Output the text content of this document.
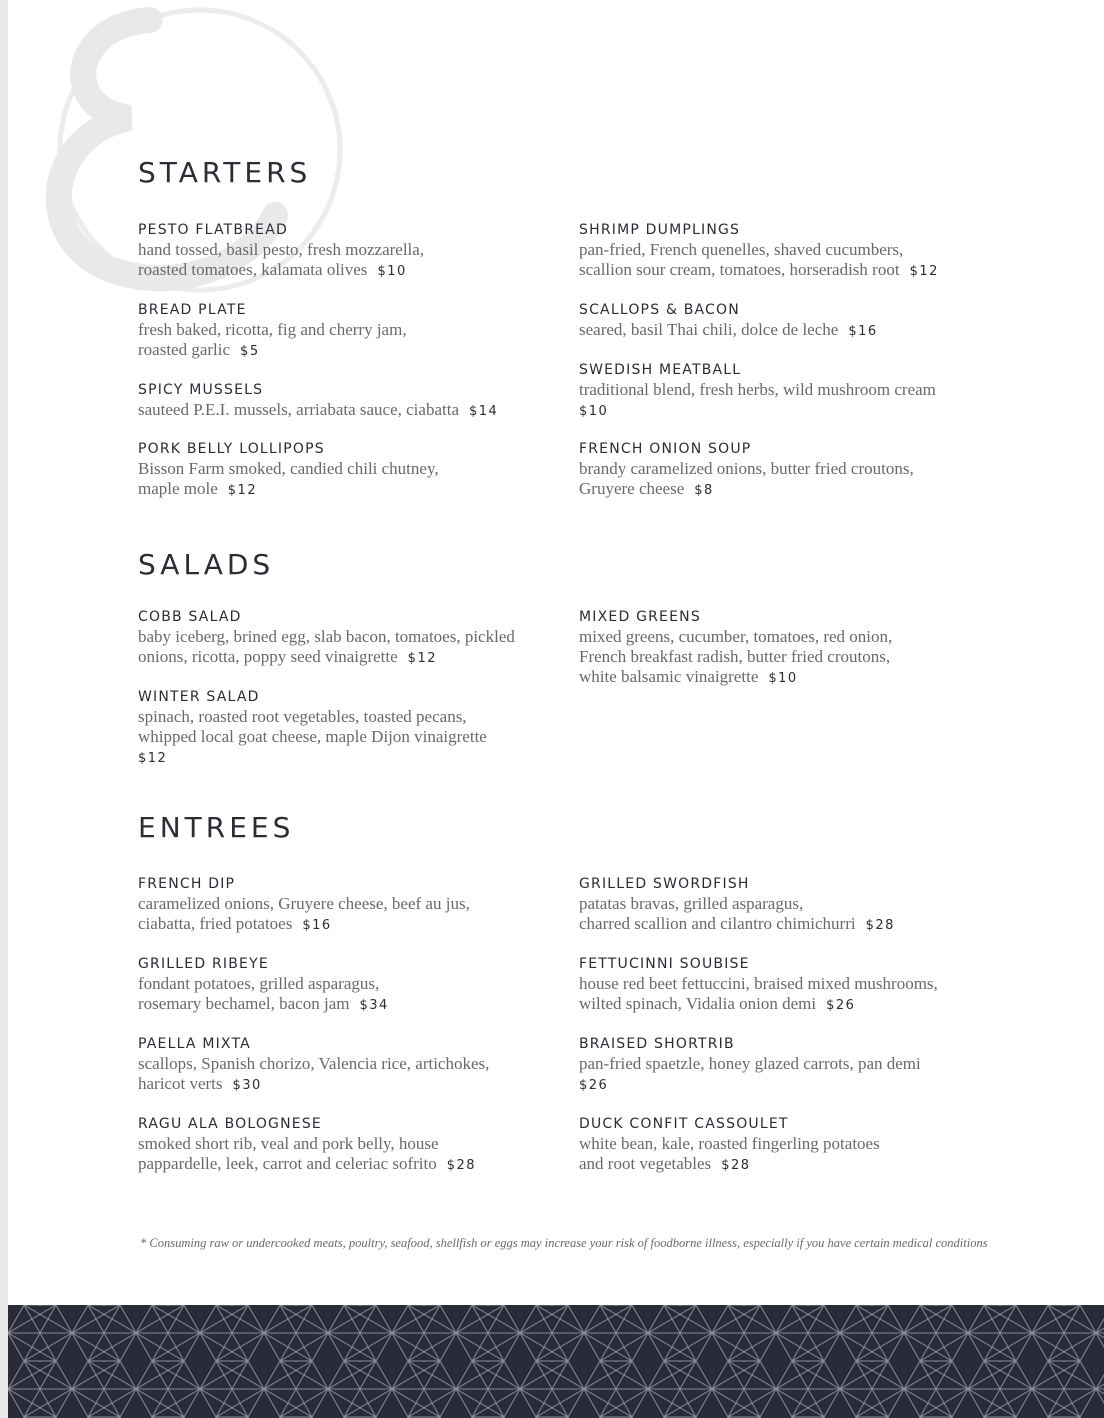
STARTERS
PESTO FLATBREAD
hand tossed, basil pesto, fresh mozzarella,
roasted tomatoes, kalamata olives $10
BREAD PLATE
fresh baked, ricotta, fig and cherry jam,
roasted garlic $5
SPICY MUSSELS
sauteed P.E.I. mussels, arriabata sauce, ciabatta $14
PORK BELLY LOLLIPOPS
Bisson Farm smoked, candied chili chutney,
maple mole $12
SHRIMP DUMPLINGS
pan-fried, French quenelles, shaved cucumbers,
scallion sour cream, tomatoes, horseradish root $12
SCALLOPS & BACON
seared, basil Thai chili, dolce de leche $16
SWEDISH MEATBALL
traditional blend, fresh herbs, wild mushroom cream
$10
FRENCH ONION SOUP
brandy caramelized onions, butter fried croutons,
Gruyere cheese $8
SALADS
COBB SALAD
baby iceberg, brined egg, slab bacon, tomatoes, pickled
onions, ricotta, poppy seed vinaigrette $12
WINTER SALAD
spinach, roasted root vegetables, toasted pecans,
whipped local goat cheese, maple Dijon vinaigrette
$12
MIXED GREENS
mixed greens, cucumber, tomatoes, red onion,
French breakfast radish, butter fried croutons,
white balsamic vinaigrette $10
ENTREES
FRENCH DIP
caramelized onions, Gruyere cheese, beef au jus,
ciabatta, fried potatoes $16
GRILLED RIBEYE
fondant potatoes, grilled asparagus,
rosemary bechamel, bacon jam $34
PAELLA MIXTA
scallops, Spanish chorizo, Valencia rice, artichokes,
haricot verts $30
RAGU ALA BOLOGNESE
smoked short rib, veal and pork belly, house
pappardelle, leek, carrot and celeriac sofrito $28
GRILLED SWORDFISH
patatas bravas, grilled asparagus,
charred scallion and cilantro chimichurri $28
FETTUCINNI SOUBISE
house red beet fettuccini, braised mixed mushrooms,
wilted spinach, Vidalia onion demi $26
BRAISED SHORTRIB
pan-fried spaetzle, honey glazed carrots, pan demi
$26
DUCK CONFIT CASSOULET
white bean, kale, roasted fingerling potatoes
and root vegetables $28
* Consuming raw or undercooked meats, poultry, seafood, shellfish or eggs may increase your risk of foodborne illness, especially if you have certain medical conditions
